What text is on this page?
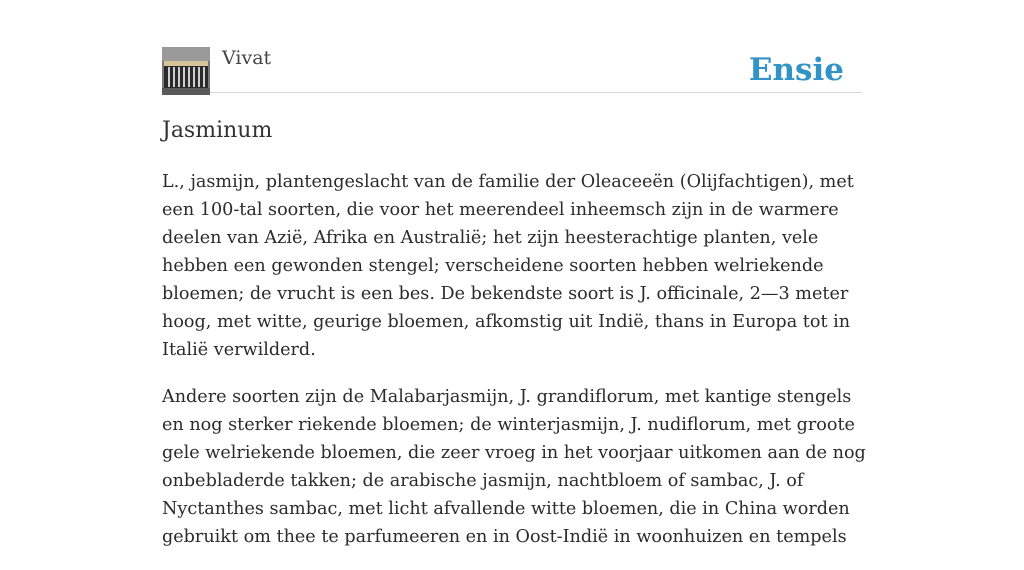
Vivat	Ensie
Jasminum

L., jasmijn, plantengeslacht van de familie der Oleaceeën (Olijfachtigen), met een 100-tal soorten, die voor het meerendeel inheemsch zijn in de warmere deelen van Azië, Afrika en Australië; het zijn heesterachtige planten, vele hebben een gewonden stengel; verscheidene soorten hebben welriekende bloemen; de vrucht is een bes. De bekendste soort is J. officinale, 2—3 meter hoog, met witte, geurige bloemen, afkomstig uit Indië, thans in Europa tot in Italië verwilderd.

Andere soorten zijn de Malabarjasmijn, J. grandiflorum, met kantige stengels en nog sterker riekende bloemen; de winterjasmijn, J. nudiflorum, met groote gele welriekende bloemen, die zeer vroeg in het voorjaar uitkomen aan de nog onbebladerde takken; de arabische jasmijn, nachtbloem of sambac, J. of Nyctanthes sambac, met licht afvallende witte bloemen, die in China worden gebruikt om thee te parfumeeren en in Oost-Indië in woonhuizen en tempels
